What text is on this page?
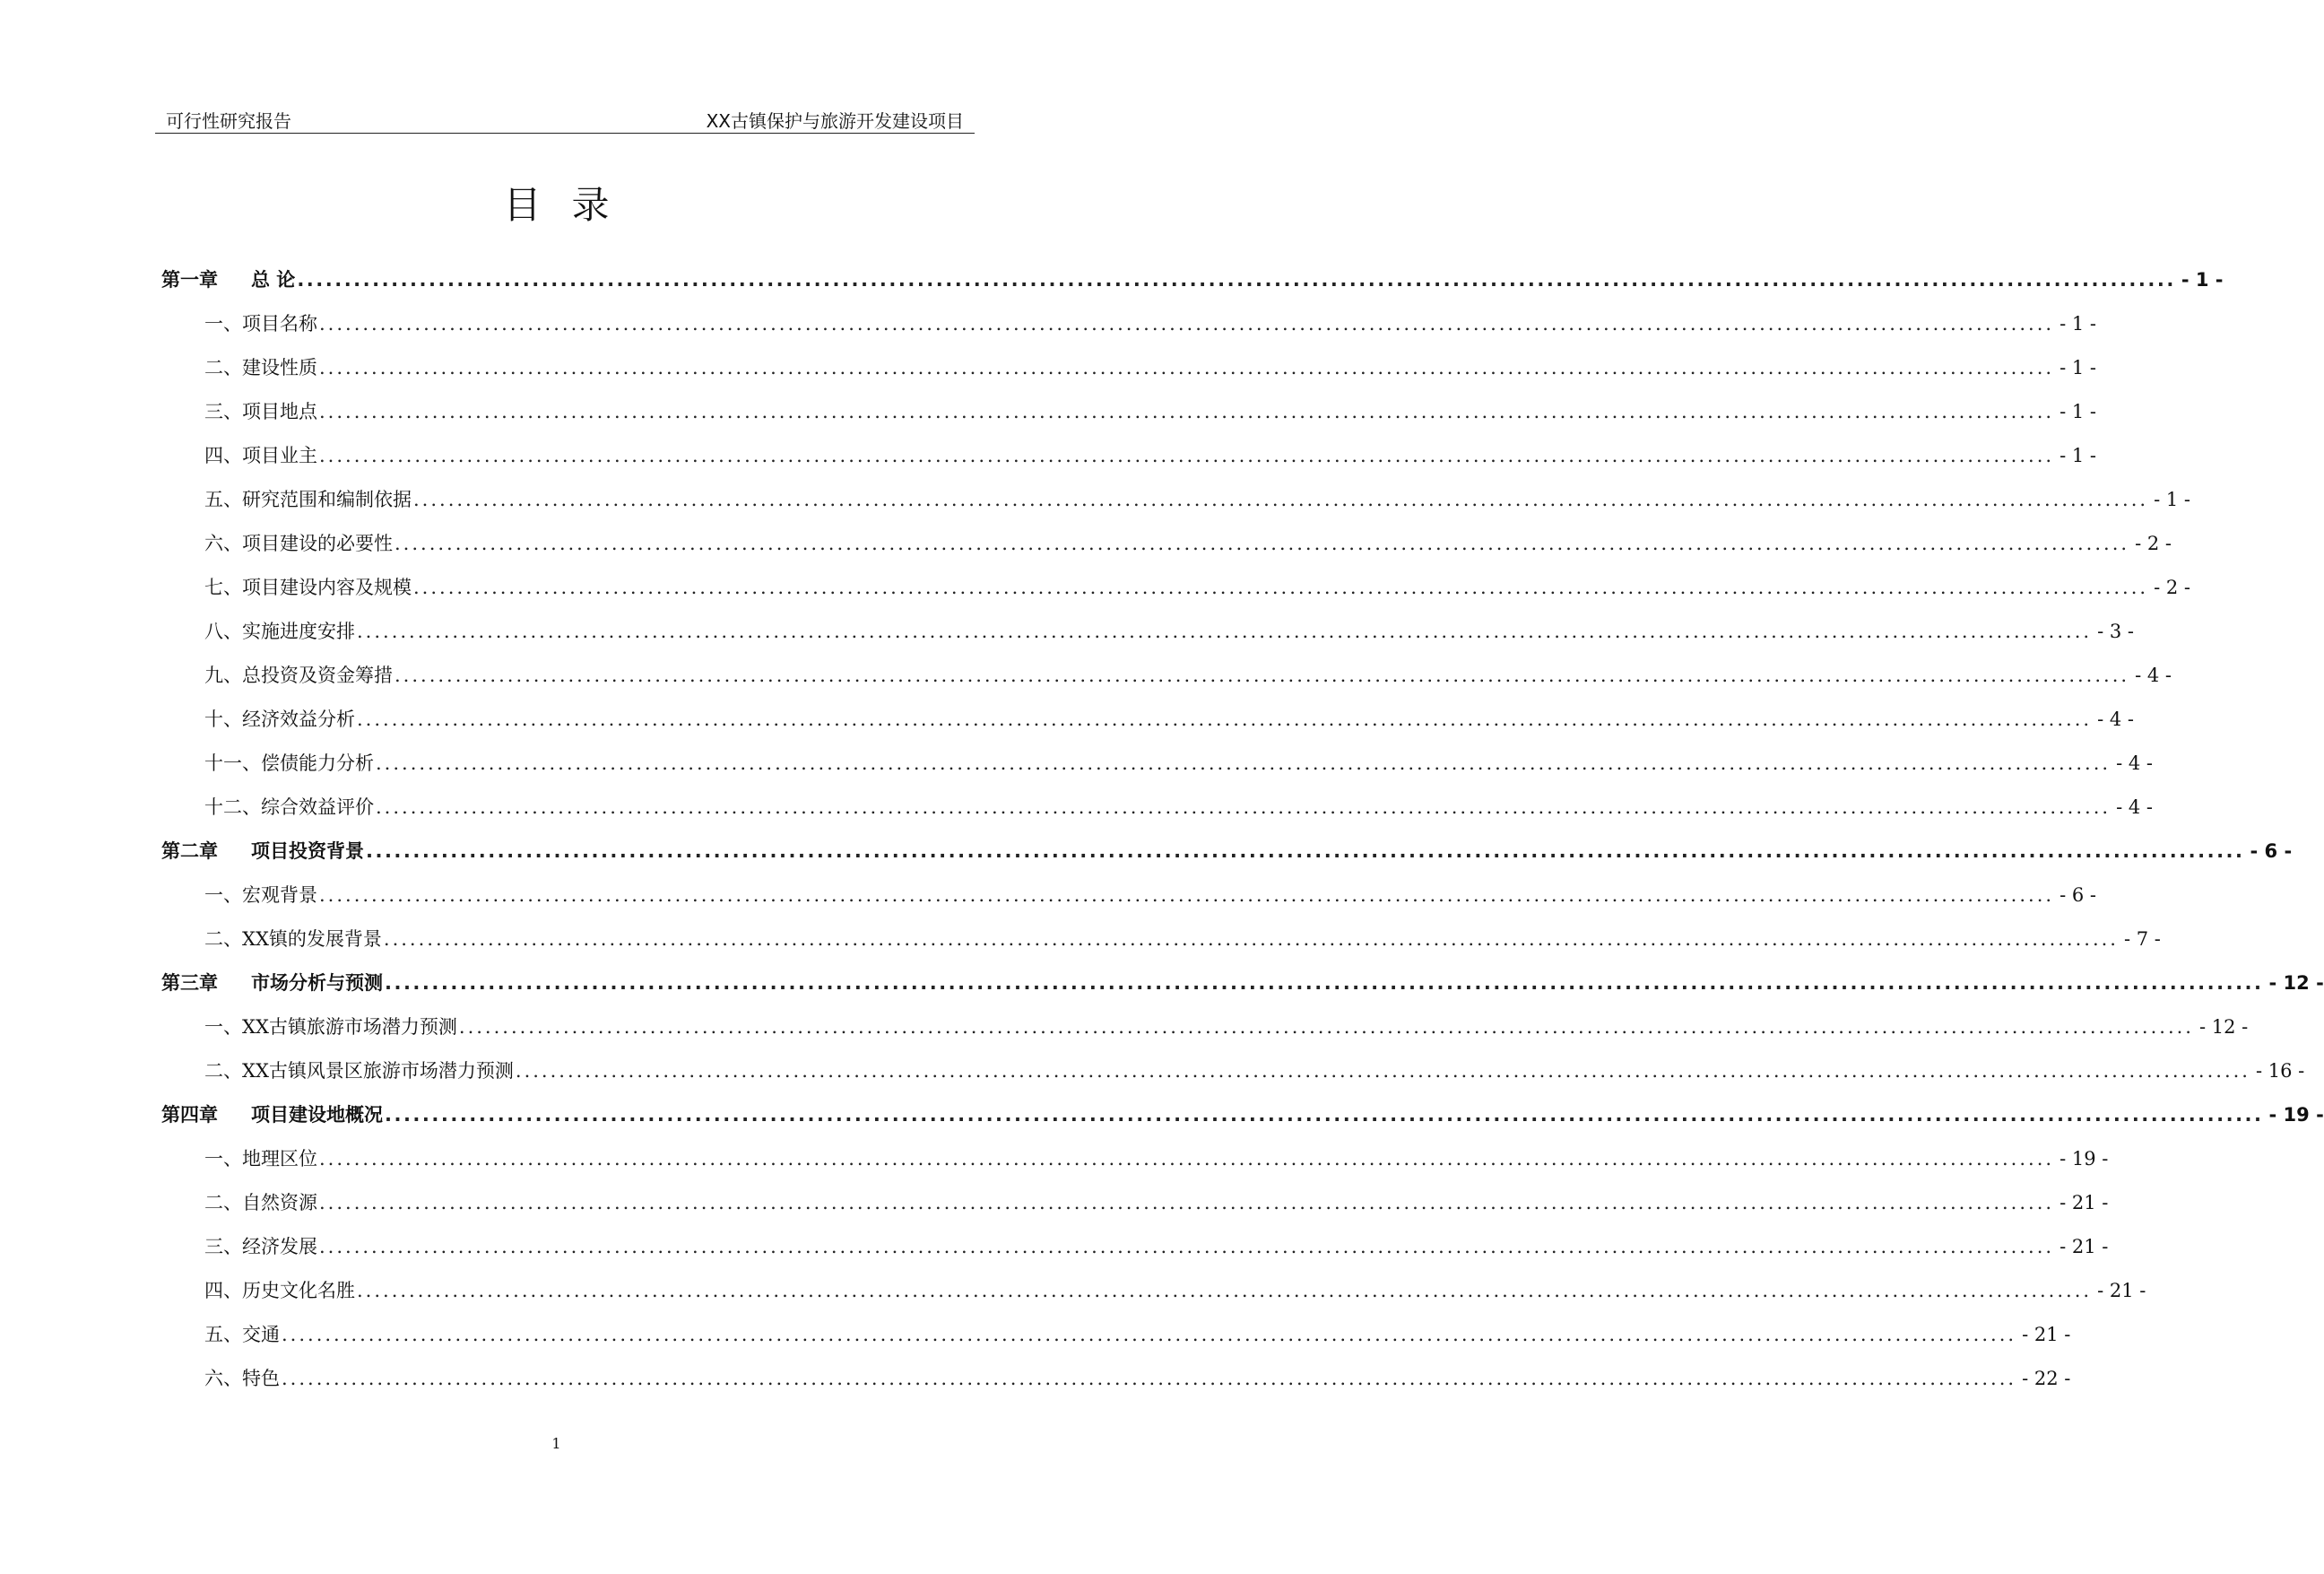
可行性研究报告	XX古镇保护与旅游开发建设项目
目录
第一章 总 论 ........................................................................................................................................................................................................ - 1 -
一、项目名称 ........................................................................................................................................................................................................ - 1 -
二、建设性质 ........................................................................................................................................................................................................ - 1 -
三、项目地点 ........................................................................................................................................................................................................ - 1 -
四、项目业主 ........................................................................................................................................................................................................ - 1 -
五、研究范围和编制依据 ........................................................................................................................................................................................................ - 1 -
六、项目建设的必要性 ........................................................................................................................................................................................................ - 2 -
七、项目建设内容及规模 ........................................................................................................................................................................................................ - 2 -
八、实施进度安排 ........................................................................................................................................................................................................ - 3 -
九、总投资及资金筹措 ........................................................................................................................................................................................................ - 4 -
十、经济效益分析 ........................................................................................................................................................................................................ - 4 -
十一、偿债能力分析 ........................................................................................................................................................................................................ - 4 -
十二、综合效益评价 ........................................................................................................................................................................................................ - 4 -
第二章 项目投资背景 ........................................................................................................................................................................................................ - 6 -
一、宏观背景 ........................................................................................................................................................................................................ - 6 -
二、XX镇的发展背景 ........................................................................................................................................................................................................ - 7 -
第三章 市场分析与预测 ........................................................................................................................................................................................................ - 12 -
一、XX古镇旅游市场潜力预测 ........................................................................................................................................................................................................ - 12 -
二、XX古镇风景区旅游市场潜力预测 ........................................................................................................................................................................................................ - 16 -
第四章 项目建设地概况 ........................................................................................................................................................................................................ - 19 -
一、地理区位 ........................................................................................................................................................................................................ - 19 -
二、自然资源 ........................................................................................................................................................................................................ - 21 -
三、经济发展 ........................................................................................................................................................................................................ - 21 -
四、历史文化名胜 ........................................................................................................................................................................................................ - 21 -
五、交通 ........................................................................................................................................................................................................ - 21 -
六、特色 ........................................................................................................................................................................................................ - 22 -
1
